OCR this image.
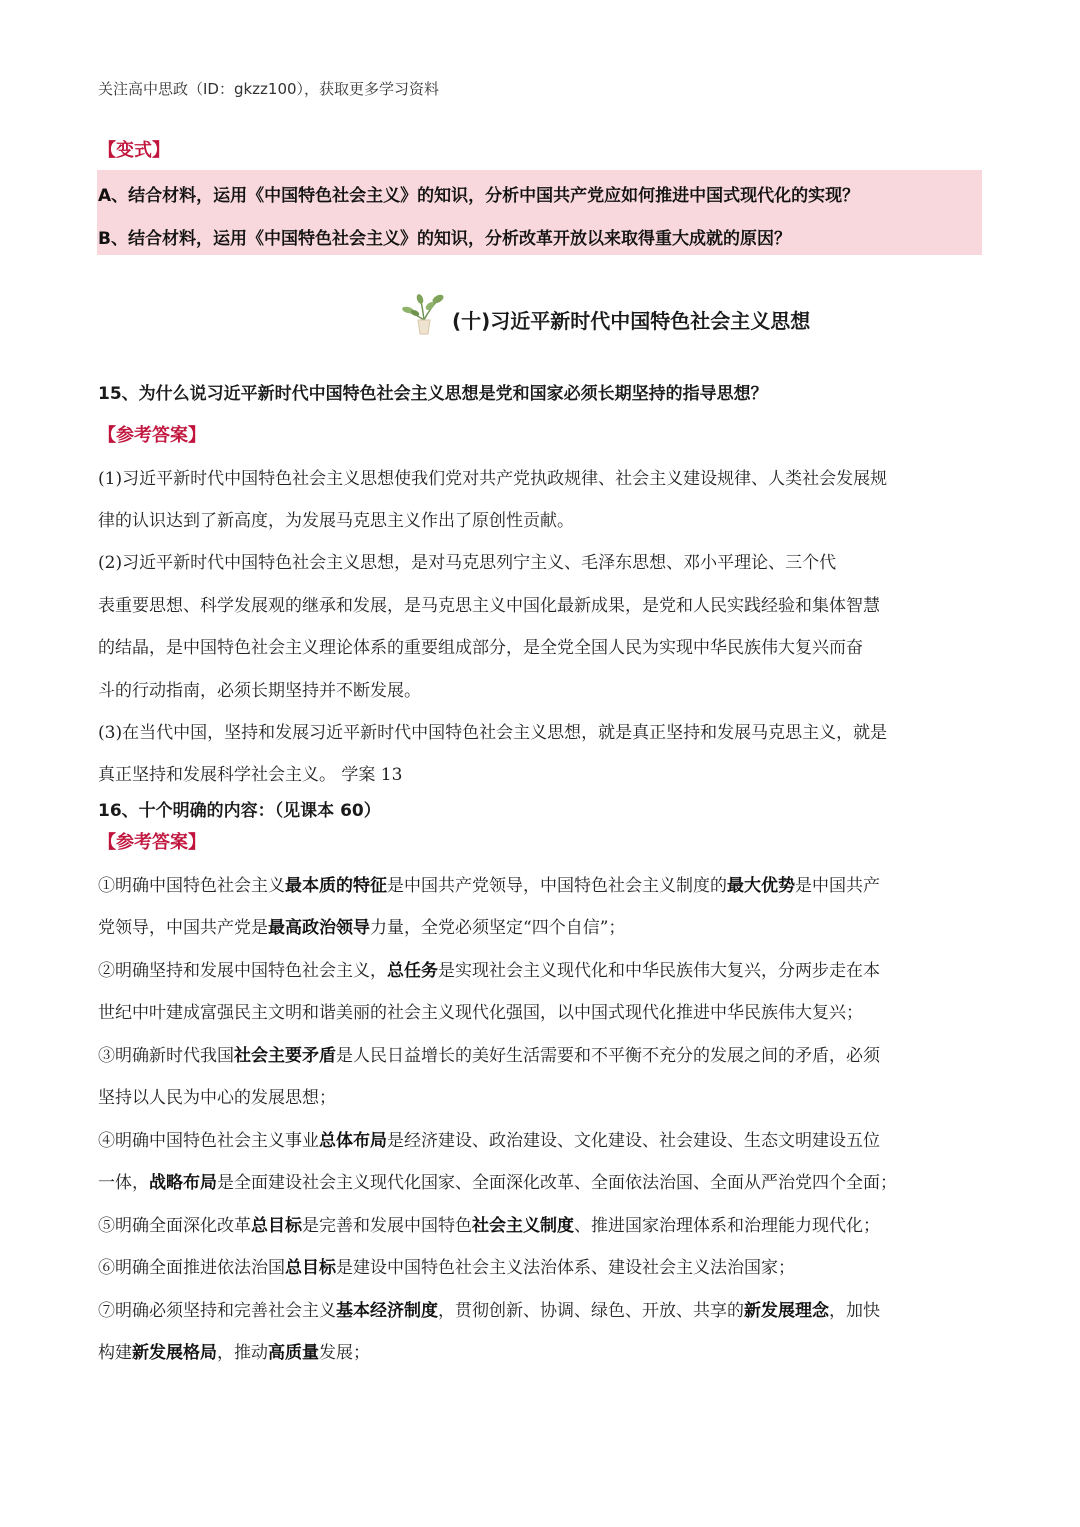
关注高中思政（ID：gkzz100），获取更多学习资料
【变式】
A、结合材料，运用《中国特色社会主义》的知识，分析中国共产党应如何推进中国式现代化的实现？
B、结合材料，运用《中国特色社会主义》的知识，分析改革开放以来取得重大成就的原因？
(十)习近平新时代中国特色社会主义思想
15、为什么说习近平新时代中国特色社会主义思想是党和国家必须长期坚持的指导思想？
【参考答案】
(1)习近平新时代中国特色社会主义思想使我们党对共产党执政规律、社会主义建设规律、人类社会发展规
律的认识达到了新高度，为发展马克思主义作出了原创性贡献。
(2)习近平新时代中国特色社会主义思想，是对马克思列宁主义、毛泽东思想、邓小平理论、三个代
表重要思想、科学发展观的继承和发展，是马克思主义中国化最新成果，是党和人民实践经验和集体智慧
的结晶，是中国特色社会主义理论体系的重要组成部分，是全党全国人民为实现中华民族伟大复兴而奋
斗的行动指南，必须长期坚持并不断发展。
(3)在当代中国，坚持和发展习近平新时代中国特色社会主义思想，就是真正坚持和发展马克思主义，就是
真正坚持和发展科学社会主义。 学案 13
16、十个明确的内容：（见课本 60）
【参考答案】
①明确中国特色社会主义最本质的特征是中国共产党领导，中国特色社会主义制度的最大优势是中国共产
党领导，中国共产党是最高政治领导力量，全党必须坚定“四个自信”；
②明确坚持和发展中国特色社会主义，总任务是实现社会主义现代化和中华民族伟大复兴，分两步走在本
世纪中叶建成富强民主文明和谐美丽的社会主义现代化强国，以中国式现代化推进中华民族伟大复兴；
③明确新时代我国社会主要矛盾是人民日益增长的美好生活需要和不平衡不充分的发展之间的矛盾，必须
坚持以人民为中心的发展思想；
④明确中国特色社会主义事业总体布局是经济建设、政治建设、文化建设、社会建设、生态文明建设五位
一体，战略布局是全面建设社会主义现代化国家、全面深化改革、全面依法治国、全面从严治党四个全面；
⑤明确全面深化改革总目标是完善和发展中国特色社会主义制度、推进国家治理体系和治理能力现代化；
⑥明确全面推进依法治国总目标是建设中国特色社会主义法治体系、建设社会主义法治国家；
⑦明确必须坚持和完善社会主义基本经济制度，贯彻创新、协调、绿色、开放、共享的新发展理念，加快
构建新发展格局，推动高质量发展；
